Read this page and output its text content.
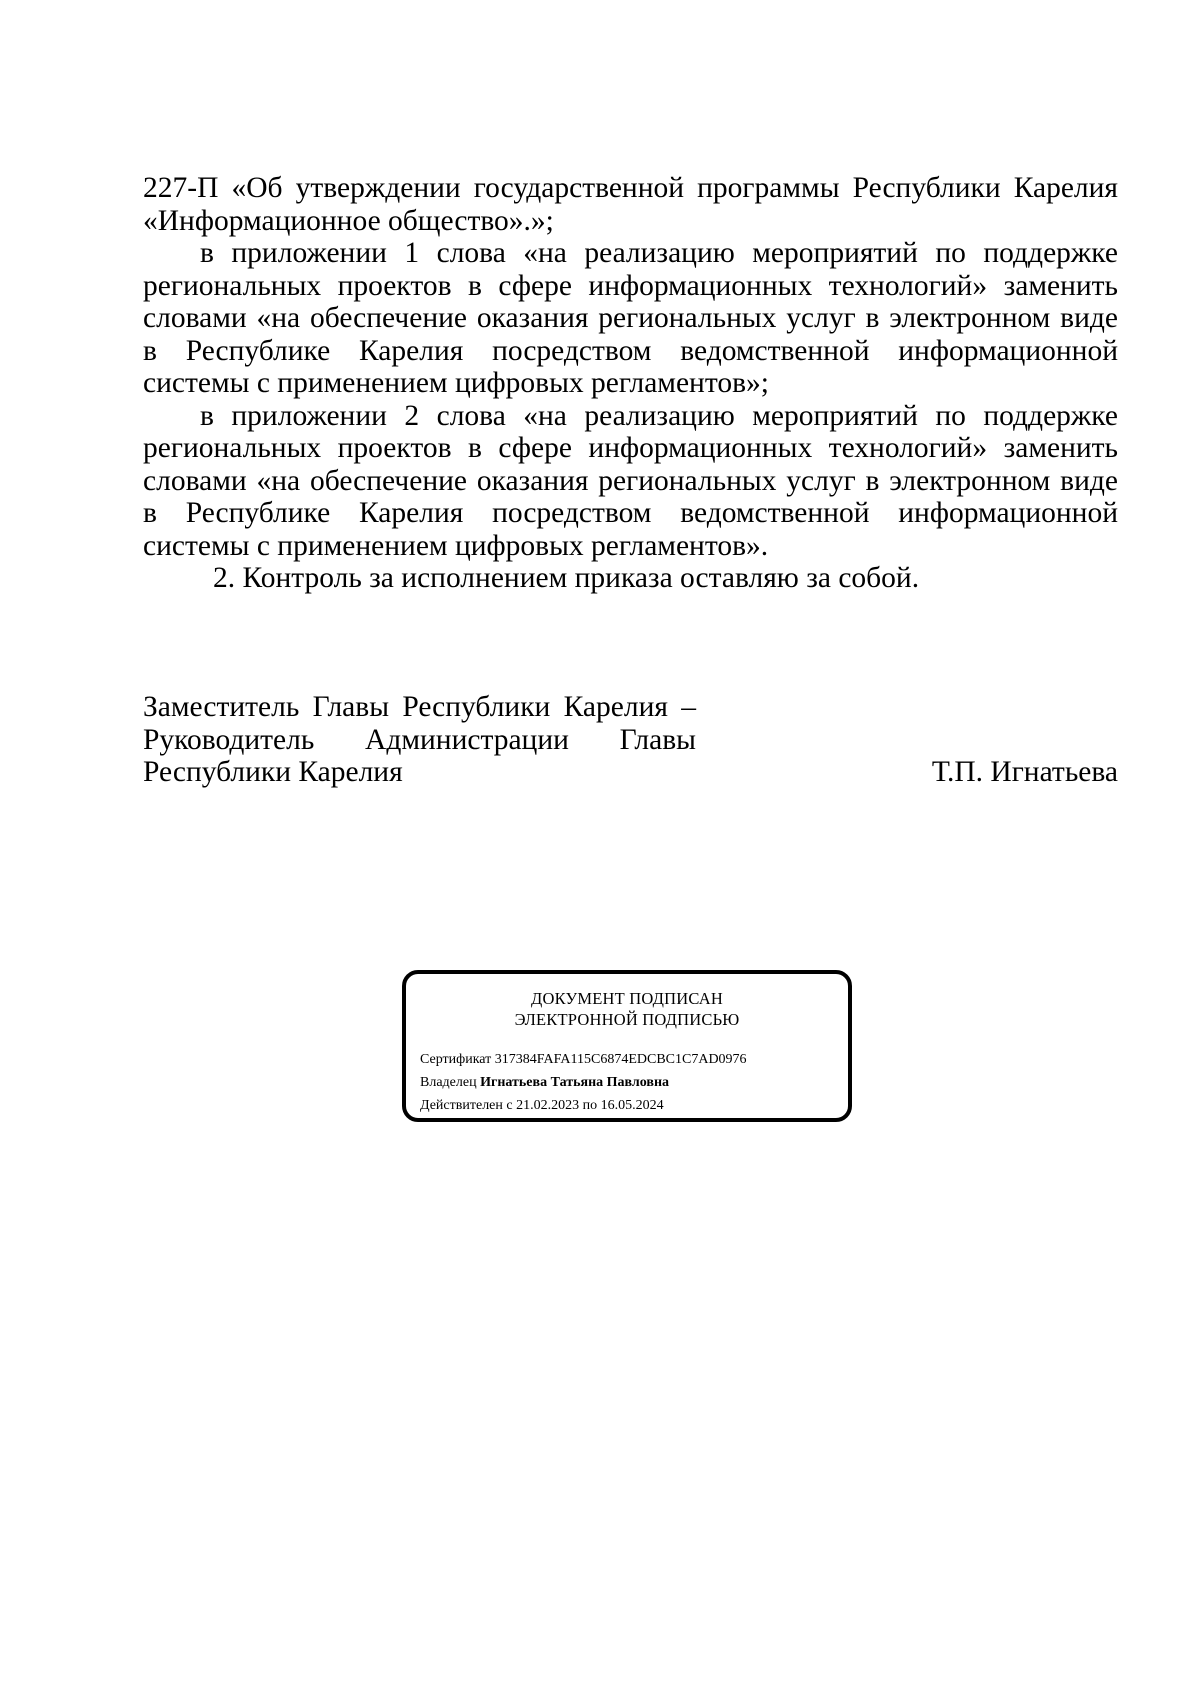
227-П «Об утверждении государственной программы Республики Карелия «Информационное общество».»;

в приложении 1 слова «на реализацию мероприятий по поддержке региональных проектов в сфере информационных технологий» заменить словами «на обеспечение оказания региональных услуг в электронном виде в Республике Карелия посредством ведомственной информационной системы с применением цифровых регламентов»;

в приложении 2 слова «на реализацию мероприятий по поддержке региональных проектов в сфере информационных технологий» заменить словами «на обеспечение оказания региональных услуг в электронном виде в Республике Карелия посредством ведомственной информационной системы с применением цифровых регламентов».

2. Контроль за исполнением приказа оставляю за собой.

Заместитель Главы Республики Карелия –
Руководитель Администрации Главы
Республики Карелия	Т.П. Игнатьева
ДОКУМЕНТ ПОДПИСАН
ЭЛЕКТРОННОЙ ПОДПИСЬЮ
Сертификат 317384FAFA115C6874EDCBC1C7AD0976
Владелец Игнатьева Татьяна Павловна
Действителен с 21.02.2023 по 16.05.2024
